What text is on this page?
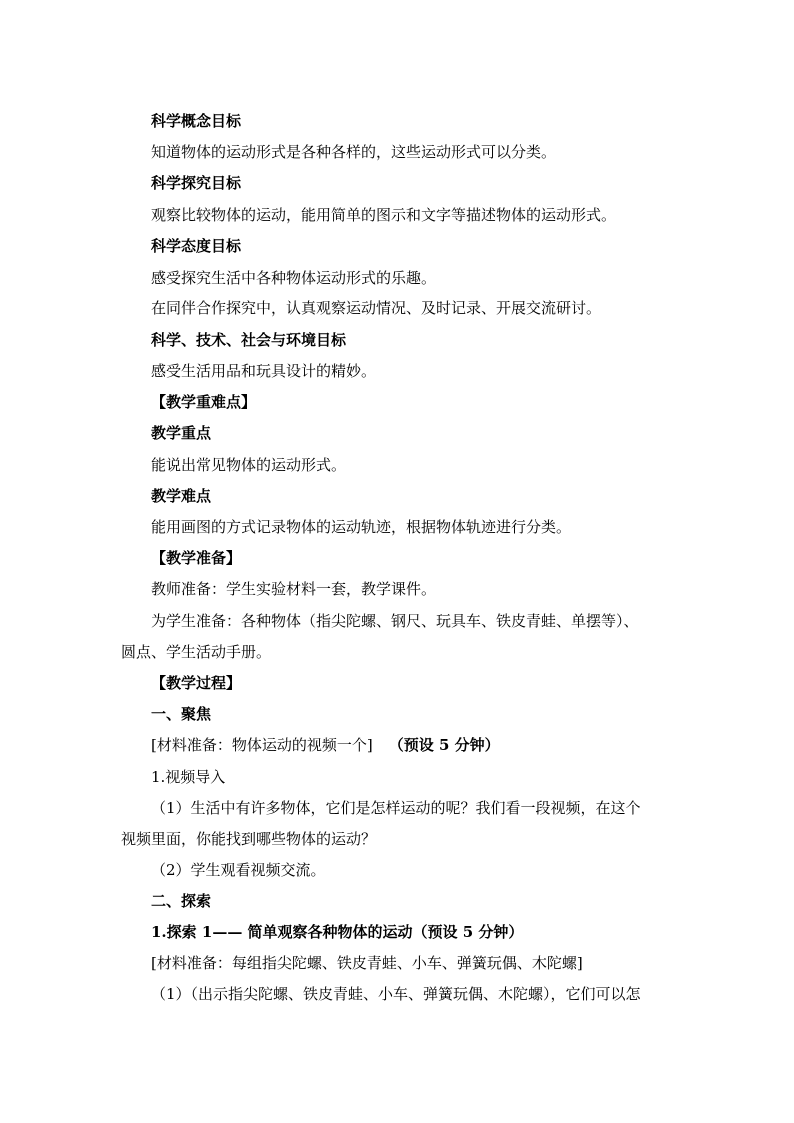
科学概念目标
知道物体的运动形式是各种各样的，这些运动形式可以分类。
科学探究目标
观察比较物体的运动，能用简单的图示和文字等描述物体的运动形式。
科学态度目标
感受探究生活中各种物体运动形式的乐趣。
在同伴合作探究中，认真观察运动情况、及时记录、开展交流研讨。
科学、技术、社会与环境目标
感受生活用品和玩具设计的精妙。
【教学重难点】
教学重点
能说出常见物体的运动形式。
教学难点
能用画图的方式记录物体的运动轨迹，根据物体轨迹进行分类。
【教学准备】
教师准备：学生实验材料一套，教学课件。
为学生准备：各种物体（指尖陀螺、钢尺、玩具车、铁皮青蛙、单摆等）、
圆点、学生活动手册。
【教学过程】
一、聚焦
[材料准备：物体运动的视频一个] （预设 5 分钟）
1.视频导入
（1）生活中有许多物体，它们是怎样运动的呢？我们看一段视频，在这个
视频里面，你能找到哪些物体的运动？
（2）学生观看视频交流。
二、探索
1.探索 1—— 简单观察各种物体的运动（预设 5 分钟）
[材料准备：每组指尖陀螺、铁皮青蛙、小车、弹簧玩偶、木陀螺]
（1）（出示指尖陀螺、铁皮青蛙、小车、弹簧玩偶、木陀螺），它们可以怎
